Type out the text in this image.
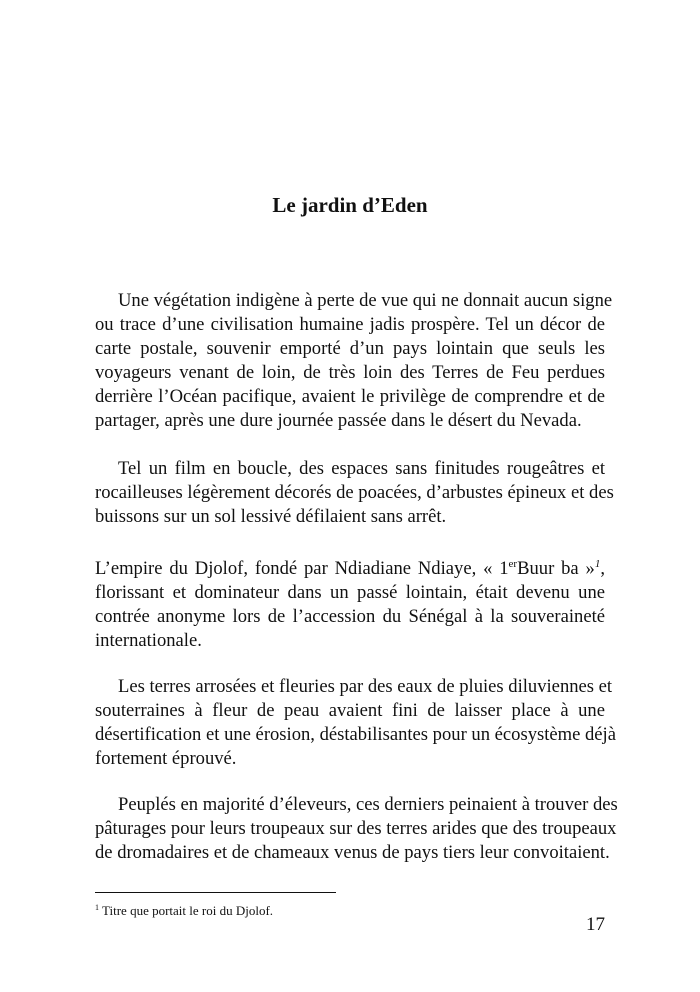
Le jardin d’Eden
Une végétation indigène à perte de vue qui ne donnait aucun signe
ou trace d’une civilisation humaine jadis prospère. Tel un décor de
carte postale, souvenir emporté d’un pays lointain que seuls les
voyageurs venant de loin, de très loin des Terres de Feu perdues
derrière l’Océan pacifique, avaient le privilège de comprendre et de
partager, après une dure journée passée dans le désert du Nevada.
Tel un film en boucle, des espaces sans finitudes rougeâtres et
rocailleuses légèrement décorés de poacées, d’arbustes épineux et des
buissons sur un sol lessivé défilaient sans arrêt.
L’empire du Djolof, fondé par Ndiadiane Ndiaye, « 1erBuur ba »$^1$,
florissant et dominateur dans un passé lointain, était devenu une
contrée anonyme lors de l’accession du Sénégal à la souveraineté
internationale.
Les terres arrosées et fleuries par des eaux de pluies diluviennes et
souterraines à fleur de peau avaient fini de laisser place à une
désertification et une érosion, déstabilisantes pour un écosystème déjà
fortement éprouvé.
Peuplés en majorité d’éleveurs, ces derniers peinaient à trouver des
pâturages pour leurs troupeaux sur des terres arides que des troupeaux
de dromadaires et de chameaux venus de pays tiers leur convoitaient.
$^1$ Titre que portait le roi du Djolof.
17
